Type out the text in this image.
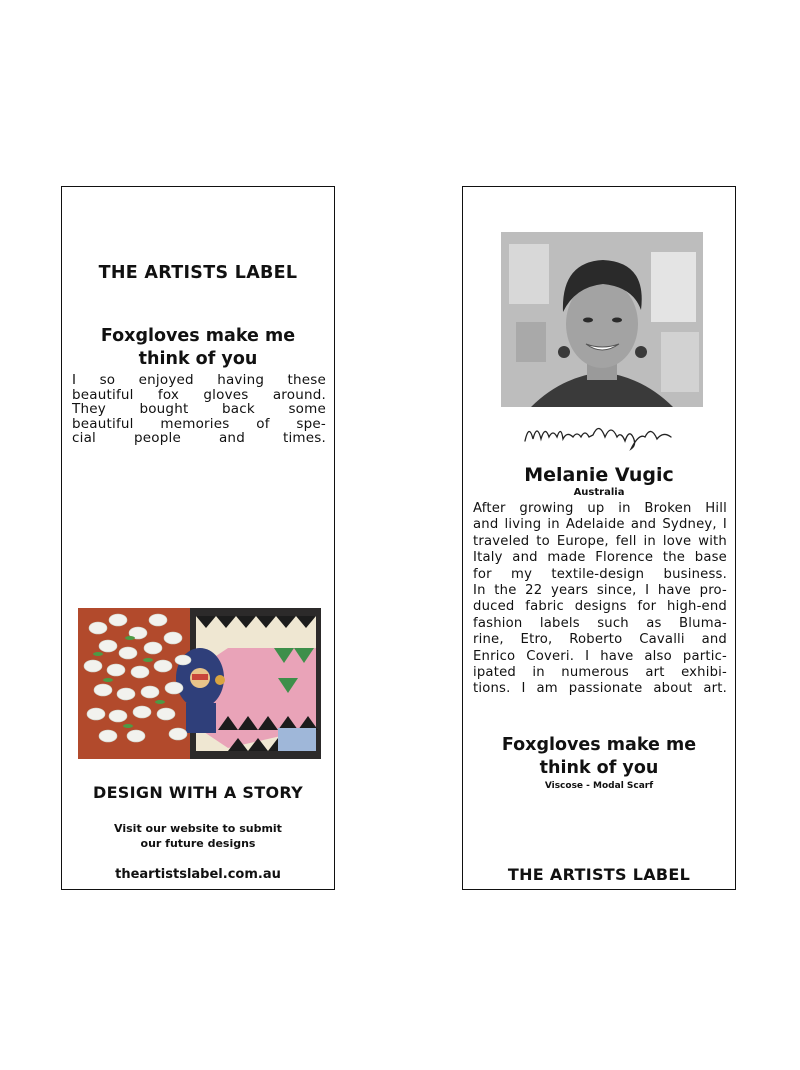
THE ARTISTS LABEL
Foxgloves make me
think of you
I so enjoyed having these
beautiful fox gloves around.
They bought back some
beautiful memories of spe-
cial people and times.
DESIGN WITH A STORY
Visit our website to submit
our future designs
theartistslabel.com.au
Melanie Vugic
Australia
After growing up in Broken Hill
and living in Adelaide and Sydney, I
traveled to Europe, fell in love with
Italy and made Florence the base
for my textile-design business.
In the 22 years since, I have pro-
duced fabric designs for high-end
fashion labels such as Bluma-
rine, Etro, Roberto Cavalli and
Enrico Coveri. I have also partic-
ipated in numerous art exhibi-
tions. I am passionate about art.
Foxgloves make me
think of you
Viscose - Modal Scarf
THE ARTISTS LABEL
